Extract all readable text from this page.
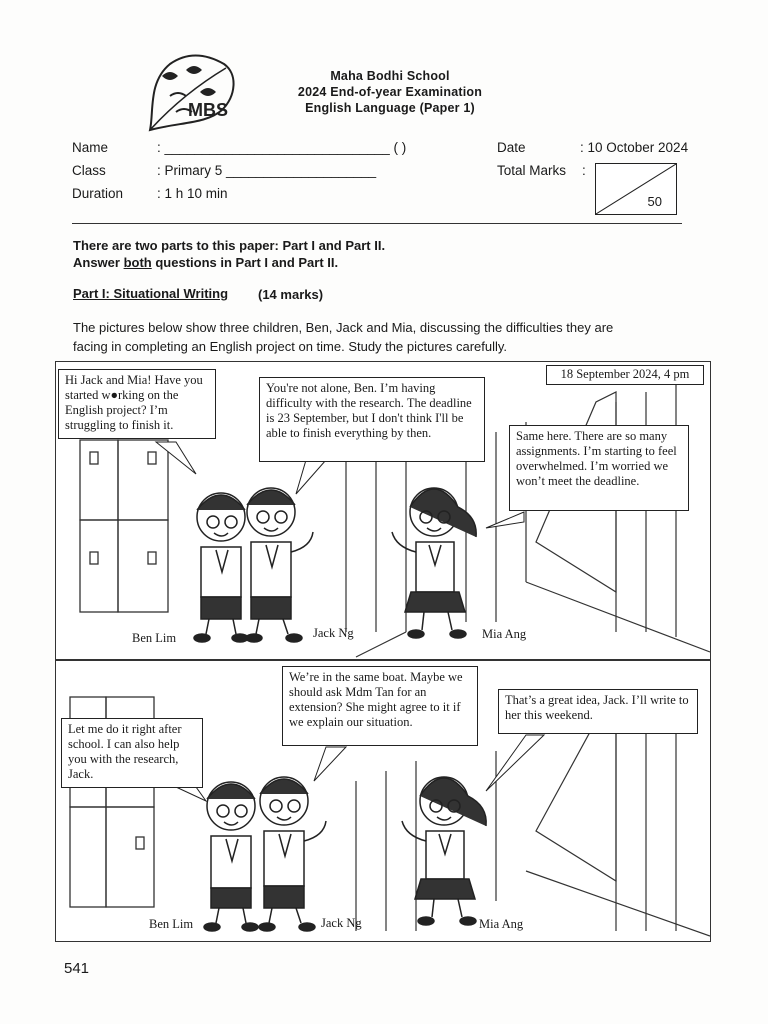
MBS
Maha Bodhi School
2024 End-of-year Examination
English Language (Paper 1)
Name	: ______________________________ ( )
Class	: Primary 5 ____________________
Duration	: 1 h 10 min
Date	: 10 October 2024
Total Marks :
50
There are two parts to this paper: Part I and Part II.
Answer both questions in Part I and Part II.
Part I: Situational Writing (14 marks)
The pictures below show three children, Ben, Jack and Mia, discussing the difficulties they are
facing in completing an English project on time. Study the pictures carefully.
Hi Jack and Mia! Have you started w●rking on the English project? I’m struggling to finish it.
You're not alone, Ben. I’m having difficulty with the research. The deadline is 23 September, but I don't think I'll be able to finish everything by then.	Same here. There are so many assignments. I’m starting to feel overwhelmed. I’m worried we won’t meet the deadline.
18 September 2024, 4 pm
Ben Lim	Jack Ng	Mia Ang
We’re in the same boat. Maybe we should ask Mdm Tan for an extension? She might agree to it if we explain our situation.
That’s a great idea, Jack. I’ll write to her this weekend.
Let me do it right after school. I can also help you with the research, Jack.
Ben Lim	Jack Ng	Mia Ang
541
